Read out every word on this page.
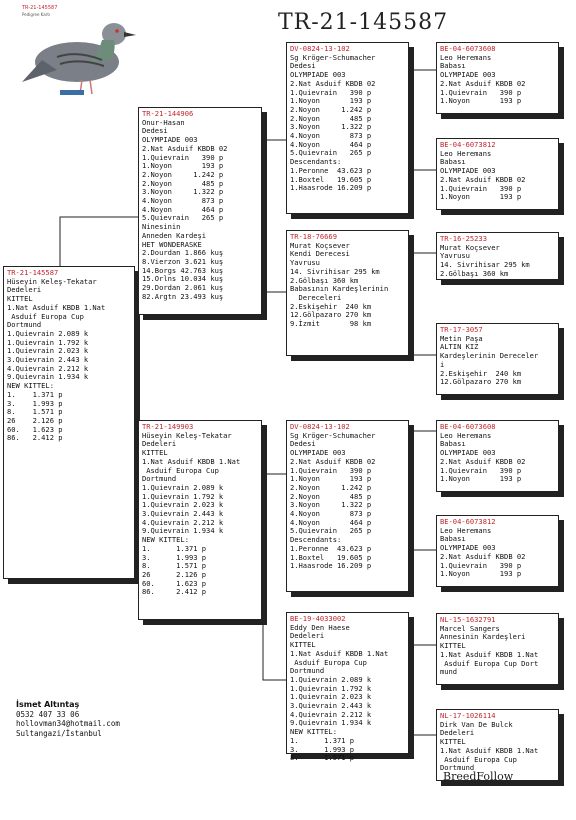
TR-21-145587
Pedigree Kartı	TR-21-145587
TR-21-145587
Hüseyin Keleş-Tekatar
Dedeleri
KITTEL
1.Nat Asduif KBDB 1.Nat
Asduif Europa Cup
Dortmund
1.Quievrain 2.089 k
1.Quievrain 1.792 k
1.Quievrain 2.023 k
3.Quievrain 2.443 k
4.Quievrain 2.212 k
9.Quievrain 1.934 k
NEW KITTEL:
1.    1.371 p
3.    1.993 p
8.    1.571 p
26    2.126 p
60.   1.623 p
86.   2.412 p
TR-21-144906
Onur-Hasan
Dedesi
OLYMPIADE 003
2.Nat Asduif KBDB 02
1.Quievrain   390 p
1.Noyon       193 p
2.Noyon     1.242 p
2.Noyon       485 p
3.Noyon     1.322 p
4.Noyon       873 p
4.Noyon       464 p
5.Quievrain   265 p
Ninesinin
Anneden Kardeşi
HET WONDERASKE
2.Dourdan 1.866 kuş
8.Vierzon 3.621 kuş
14.Borgs 42.763 kuş
15.Orlns 10.034 kuş
29.Dordan 2.061 kuş
82.Argtn 23.493 kuş
TR-21-149903
Hüseyin Keleş-Tekatar
Dedeleri
KITTEL
1.Nat Asduif KBDB 1.Nat
Asduif Europa Cup
Dortmund
1.Quievrain 2.089 k
1.Quievrain 1.792 k
1.Quievrain 2.023 k
3.Quievrain 2.443 k
4.Quievrain 2.212 k
9.Quievrain 1.934 k
NEW KITTEL:
1.      1.371 p
3.      1.993 p
8.      1.571 p
26      2.126 p
60.     1.623 p
86.     2.412 p
DV-0824-13-102
Sg Kröger-Schumacher
Dedesi
OLYMPIADE 003
2.Nat Asduif KBDB 02
1.Quievrain   390 p
1.Noyon       193 p
2.Noyon     1.242 p
2.Noyon       485 p
3.Noyon     1.322 p
4.Noyon       873 p
4.Noyon       464 p
5.Quievrain   265 p
Descendants:
1.Peronne  43.623 p
1.Boxtel   19.605 p
1.Haasrode 16.209 p
TR-18-76669
Murat Koçsever
Kendi Derecesi
Yavrusu
14. Sivrihisar 295 km
2.Gölbaşı 360 km
Babasının Kardeşlerinin
Dereceleri
2.Eskişehir  240 km
12.Gölpazaro 270 km
9.İzmit       98 km
DV-0824-13-102
Sg Kröger-Schumacher
Dedesi
OLYMPIADE 003
2.Nat Asduif KBDB 02
1.Quievrain   390 p
1.Noyon       193 p
2.Noyon     1.242 p
2.Noyon       485 p
3.Noyon     1.322 p
4.Noyon       873 p
4.Noyon       464 p
5.Quievrain   265 p
Descendants:
1.Peronne  43.623 p
1.Boxtel   19.605 p
1.Haasrode 16.209 p
BE-19-4033002
Eddy Den Haese
Dedeleri
KITTEL
1.Nat Asduif KBDB 1.Nat
Asduif Europa Cup
Dortmund
1.Quievrain 2.089 k
1.Quievrain 1.792 k
1.Quievrain 2.023 k
3.Quievrain 2.443 k
4.Quievrain 2.212 k
9.Quievrain 1.934 k
NEW KITTEL:
1.      1.371 p
3.      1.993 p
8.      1.571 p
BE-04-6073608
Leo Heremans
Babası
OLYMPIADE 003
2.Nat Asduif KBDB 02
1.Quievrain   390 p
1.Noyon       193 p
BE-04-6073812
Leo Heremans
Babası
OLYMPIADE 003
2.Nat Asduif KBDB 02
1.Quievrain   390 p
1.Noyon       193 p
TR-16-25233
Murat Koçsever
Yavrusu
14. Sivrihisar 295 km
2.Gölbaşı 360 km
TR-17-3057
Metin Paşa
ALTIN KIZ
Kardeşlerinin Dereceler
i
2.Eskişehir  240 km
12.Gölpazaro 270 km
BE-04-6073608
Leo Heremans
Babası
OLYMPIADE 003
2.Nat Asduif KBDB 02
1.Quievrain   390 p
1.Noyon       193 p
BE-04-6073812
Leo Heremans
Babası
OLYMPIADE 003
2.Nat Asduif KBDB 02
1.Quievrain   390 p
1.Noyon       193 p
NL-15-1632791
Marcel Sangers
Annesinin Kardeşleri
KITTEL
1.Nat Asduif KBDB 1.Nat
Asduif Europa Cup Dort
mund
NL-17-1026114
Dirk Van De Bulck
Dedeleri
KITTEL
1.Nat Asduif KBDB 1.Nat
Asduif Europa Cup
Dortmund
İsmet Altıntaş
0532 407 33 06
hollovman34@hotmail.com
Sultangazi/İstanbul
BreedFollow
